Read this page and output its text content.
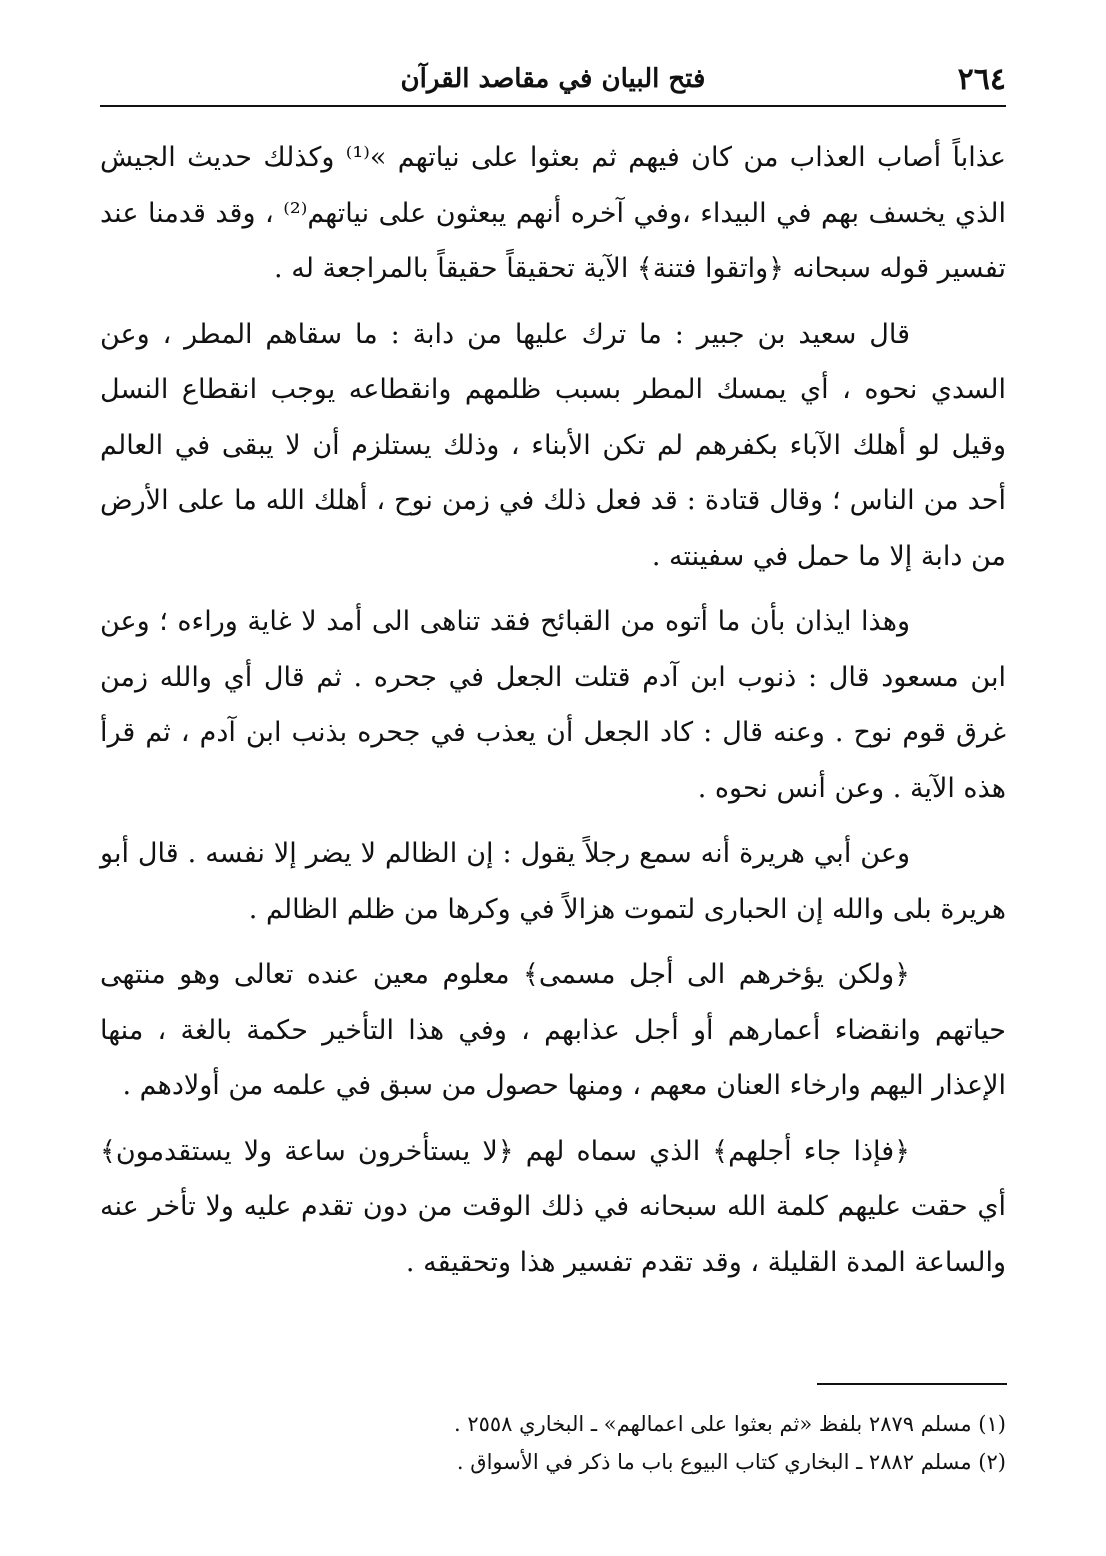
٢٦٤
فتح البيان في مقاصد القرآن

عذاباً أصاب العذاب من كان فيهم ثم بعثوا على نياتهم »⁽¹⁾ وكذلك حديث الجيش الذي يخسف بهم في البيداء ،وفي آخره أنهم يبعثون على نياتهم⁽²⁾ ، وقد قدمنا عند تفسير قوله سبحانه ﴿واتقوا فتنة﴾ الآية تحقيقاً حقيقاً بالمراجعة له .

قال سعيد بن جبير : ما ترك عليها من دابة : ما سقاهم المطر ، وعن السدي نحوه ، أي يمسك المطر بسبب ظلمهم وانقطاعه يوجب انقطاع النسل وقيل لو أهلك الآباء بكفرهم لم تكن الأبناء ، وذلك يستلزم أن لا يبقى في العالم أحد من الناس ؛ وقال قتادة : قد فعل ذلك في زمن نوح ، أهلك الله ما على الأرض من دابة إلا ما حمل في سفينته .

وهذا ايذان بأن ما أتوه من القبائح فقد تناهى الى أمد لا غاية وراءه ؛ وعن ابن مسعود قال : ذنوب ابن آدم قتلت الجعل في جحره . ثم قال أي والله زمن غرق قوم نوح . وعنه قال : كاد الجعل أن يعذب في جحره بذنب ابن آدم ، ثم قرأ هذه الآية . وعن أنس نحوه .

وعن أبي هريرة أنه سمع رجلاً يقول : إن الظالم لا يضر إلا نفسه . قال أبو هريرة بلى والله إن الحبارى لتموت هزالاً في وكرها من ظلم الظالم .

﴿ولكن يؤخرهم الى أجل مسمى﴾ معلوم معين عنده تعالى وهو منتهى حياتهم وانقضاء أعمارهم أو أجل عذابهم ، وفي هذا التأخير حكمة بالغة ، منها الإعذار اليهم وارخاء العنان معهم ، ومنها حصول من سبق في علمه من أولادهم .

﴿فإذا جاء أجلهم﴾ الذي سماه لهم ﴿لا يستأخرون ساعة ولا يستقدمون﴾ أي حقت عليهم كلمة الله سبحانه في ذلك الوقت من دون تقدم عليه ولا تأخر عنه والساعة المدة القليلة ، وقد تقدم تفسير هذا وتحقيقه .

(١) مسلم ٢٨٧٩ بلفظ «ثم بعثوا على اعمالهم» ـ البخاري ٢٥٥٨ .
(٢) مسلم ٢٨٨٢ ـ البخاري كتاب البيوع باب ما ذكر في الأسواق .
